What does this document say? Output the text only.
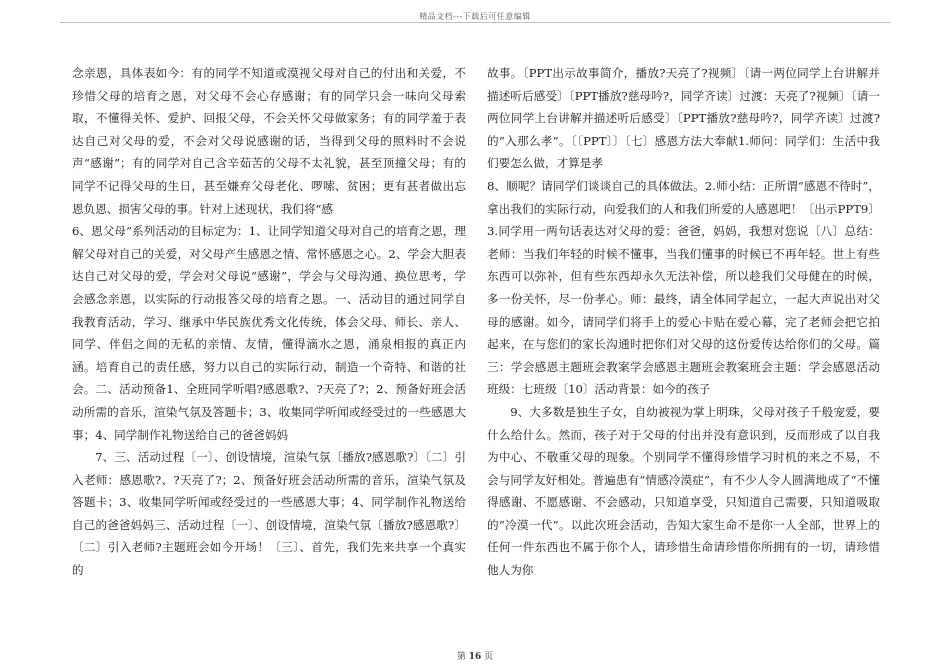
精品文档---下载后可任意编辑

念亲恩，具体表如今：有的同学不知道或漠视父母对自己的付出和关爱，不珍惜父母的培育之恩，对父母不会心存感谢；有的同学只会一味向父母索取，不懂得关怀、爱护、回报父母，不会关怀父母做家务；有的同学羞于表达自己对父母的爱，不会对父母说感谢的话，当得到父母的照料时不会说声“感谢”；有的同学对自己含辛茹苦的父母不太礼貌，甚至顶撞父母；有的同学不记得父母的生日，甚至嫌弃父母老化、啰嗦、贫困；更有甚者做出忘恩负恩、损害父母的事。针对上述现状，我们将“感

6、恩父母”系列活动的目标定为：1、让同学知道父母对自己的培育之恩，理解父母对自己的关爱，对父母产生感恩之情、常怀感恩之心。2、学会大胆表达自己对父母的爱，学会对父母说“感谢”，学会与父母沟通、换位思考，学会感念亲恩，以实际的行动报答父母的培育之恩。一、活动目的通过同学自我教育活动，学习、继承中华民族优秀文化传统，体会父母、师长、亲人、同学、伴侣之间的无私的亲情、友情，懂得滴水之恩，涌泉相报的真正内涵。培育自己的责任感，努力以自己的实际行动，制造一个奇特、和谐的社会。二、活动预备1、全班同学听唱?感恩歌?、?天亮了?；2、预备好班会活动所需的音乐，渲染气氛及答题卡；3、收集同学听闻或经受过的一些感恩大事；4、同学制作礼物送给自己的爸爸妈妈

7、三、活动过程〔一〕、创设情境，渲染气氛〔播放?感恩歌?〕〔二〕引入老师：感恩歌?、?天亮了?；2、预备好班会活动所需的音乐，渲染气氛及答题卡；3、收集同学听闻或经受过的一些感恩大事；4、同学制作礼物送给自己的爸爸妈妈三、活动过程〔一〕、创设情境，渲染气氛〔播放?感恩歌?〕〔二〕引入老师?主题班会如今开场！〔三〕、首先，我们先来共享一个真实的

故事。〔PPT出示故事简介，播放?天亮了?视频〕〔请一两位同学上台讲解并描述听后感受〕〔PPT播放?慈母吟?，同学齐读〕过渡：天亮了?视频〕〔请一两位同学上台讲解并描述听后感受〕〔PPT播放?慈母吟?，同学齐读〕过渡?的“入那么孝”。〔〔PPT〕〕〔七〕感恩方法大奉献1.师问：同学们：生活中我们要怎么做，才算是孝

8、顺呢？请同学们谈谈自己的具体做法。2.师小结：正所谓“感恩不待时”，拿出我们的实际行动，向爱我们的人和我们所爱的人感恩吧！〔出示PPT9〕3.同学用一两句话表达对父母的爱：爸爸，妈妈，我想对您说〔八〕总结：老师：当我们年轻的时候不懂事，当我们懂事的时候已不再年轻。世上有些东西可以弥补，但有些东西却永久无法补偿，所以趁我们父母健在的时候，多一份关怀，尽一份孝心。师：最终，请全体同学起立，一起大声说出对父母的感谢。如今，请同学们将手上的爱心卡贴在爱心幕，完了老师会把它拍起来，在与您们的家长沟通时把你们对父母的这份爱传达给你们的父母。篇三：学会感恩主题班会教案学会感恩主题班会教案班会主题：学会感恩活动班级：七班级〔10〕活动背景：如今的孩子

9、大多数是独生子女，自幼被视为掌上明珠，父母对孩子千般宠爱，要什么给什么。然而，孩子对于父母的付出并没有意识到，反而形成了以自我为中心、不敬重父母的现象。个别同学不懂得珍惜学习时机的来之不易，不会与同学友好相处。普遍患有“情感冷漠症”，有不少人令人圆满地成了“不懂得感谢、不愿感谢、不会感动，只知道享受，只知道自己需要，只知道吸取的“冷漠一代”。以此次班会活动，告知大家生命不是你一人全部，世界上的任何一件东西也不属于你个人，请珍惜生命请珍惜你所拥有的一切，请珍惜他人为你

第 16 页
